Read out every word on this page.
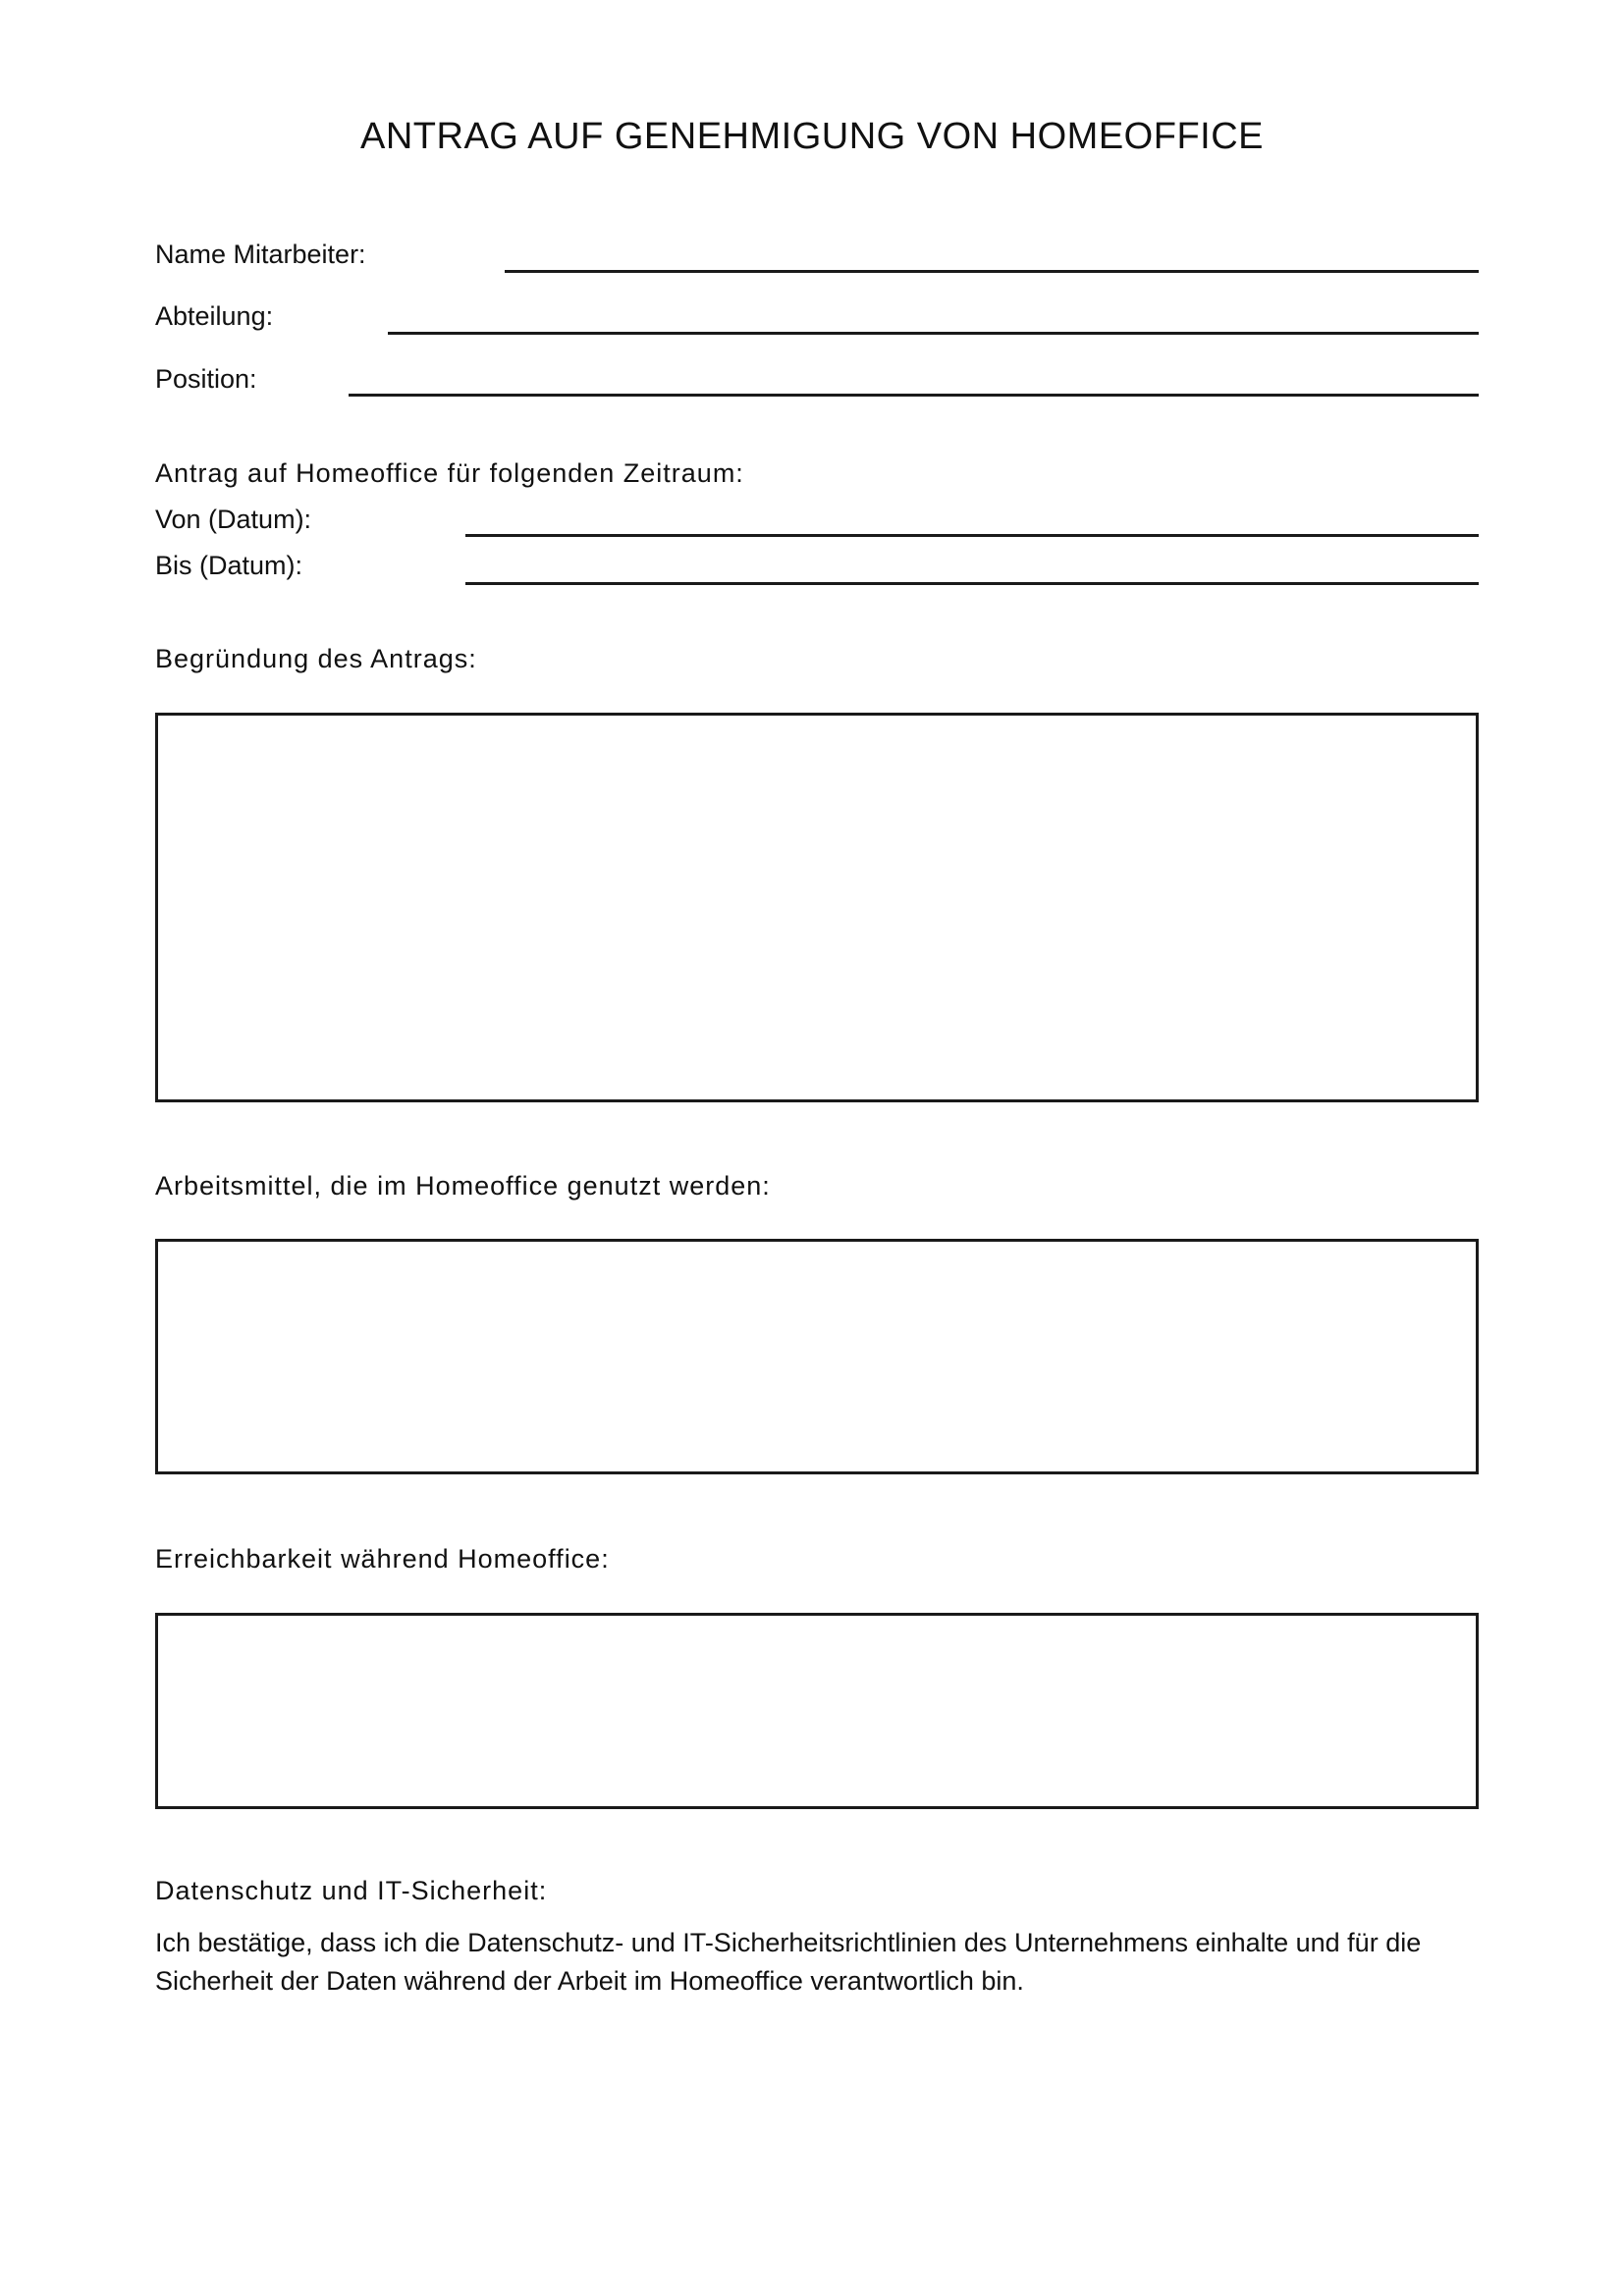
ANTRAG AUF GENEHMIGUNG VON HOMEOFFICE
Name Mitarbeiter:
Abteilung:
Position:
Antrag auf Homeoffice für folgenden Zeitraum:
Von (Datum):
Bis (Datum):
Begründung des Antrags:
Arbeitsmittel, die im Homeoffice genutzt werden:
Erreichbarkeit während Homeoffice:
Datenschutz und IT-Sicherheit:

Ich bestätige, dass ich die Datenschutz- und IT-Sicherheitsrichtlinien des Unternehmens einhalte und für die Sicherheit der Daten während der Arbeit im Homeoffice verantwortlich bin.
